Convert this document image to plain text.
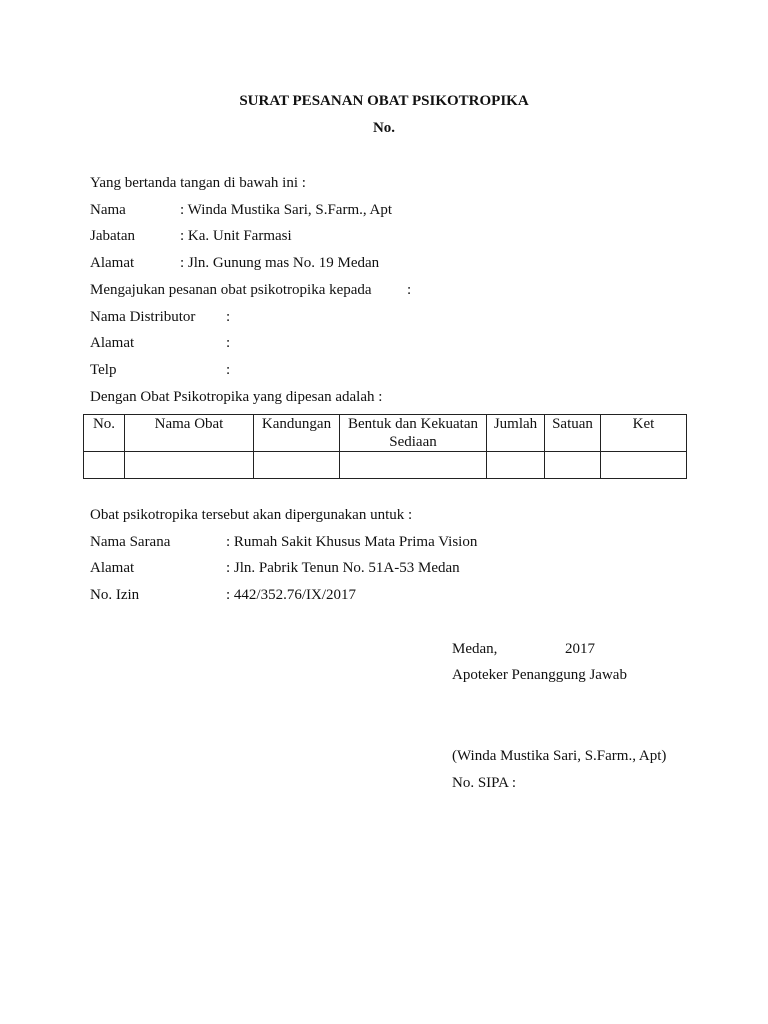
SURAT PESANAN OBAT PSIKOTROPIKA
No.
Yang bertanda tangan di bawah ini :
Nama	: Winda Mustika Sari, S.Farm., Apt
Jabatan	: Ka. Unit Farmasi
Alamat	: Jln. Gunung mas No. 19 Medan
Mengajukan pesanan obat psikotropika kepada :
Nama Distributor :
Alamat	:
Telp	:
Dengan Obat Psikotropika yang dipesan adalah :
No.	Nama Obat	Kandungan	Bentuk dan Kekuatan Sediaan	Jumlah	Satuan	Ket

Obat psikotropika tersebut akan dipergunakan untuk :
Nama Sarana	: Rumah Sakit Khusus Mata Prima Vision
Alamat	: Jln. Pabrik Tenun No. 51A-53 Medan
No. Izin	: 442/352.76/IX/2017
Medan,	2017
Apoteker Penanggung Jawab
(Winda Mustika Sari, S.Farm., Apt)
No. SIPA :
